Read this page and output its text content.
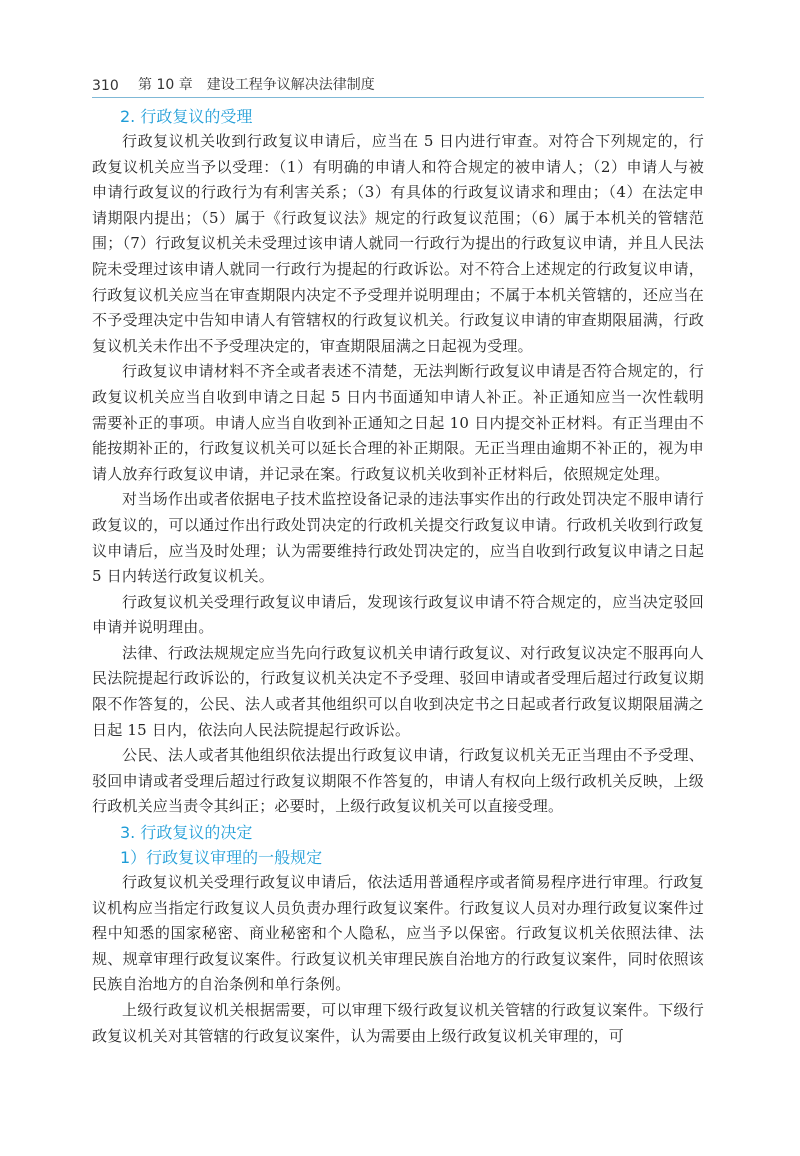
310	第 10 章 建设工程争议解决法律制度
2. 行政复议的受理

行政复议机关收到行政复议申请后，应当在 5 日内进行审查。对符合下列规定的，行政复议机关应当予以受理：（1）有明确的申请人和符合规定的被申请人；（2）申请人与被申请行政复议的行政行为有利害关系；（3）有具体的行政复议请求和理由；（4）在法定申请期限内提出；（5）属于《行政复议法》规定的行政复议范围；（6）属于本机关的管辖范围；（7）行政复议机关未受理过该申请人就同一行政行为提出的行政复议申请，并且人民法院未受理过该申请人就同一行政行为提起的行政诉讼。对不符合上述规定的行政复议申请，行政复议机关应当在审查期限内决定不予受理并说明理由；不属于本机关管辖的，还应当在不予受理决定中告知申请人有管辖权的行政复议机关。行政复议申请的审查期限届满，行政复议机关未作出不予受理决定的，审查期限届满之日起视为受理。

行政复议申请材料不齐全或者表述不清楚，无法判断行政复议申请是否符合规定的，行政复议机关应当自收到申请之日起 5 日内书面通知申请人补正。补正通知应当一次性载明需要补正的事项。申请人应当自收到补正通知之日起 10 日内提交补正材料。有正当理由不能按期补正的，行政复议机关可以延长合理的补正期限。无正当理由逾期不补正的，视为申请人放弃行政复议申请，并记录在案。行政复议机关收到补正材料后，依照规定处理。

对当场作出或者依据电子技术监控设备记录的违法事实作出的行政处罚决定不服申请行政复议的，可以通过作出行政处罚决定的行政机关提交行政复议申请。行政机关收到行政复议申请后，应当及时处理；认为需要维持行政处罚决定的，应当自收到行政复议申请之日起 5 日内转送行政复议机关。

行政复议机关受理行政复议申请后，发现该行政复议申请不符合规定的，应当决定驳回申请并说明理由。

法律、行政法规规定应当先向行政复议机关申请行政复议、对行政复议决定不服再向人民法院提起行政诉讼的，行政复议机关决定不予受理、驳回申请或者受理后超过行政复议期限不作答复的，公民、法人或者其他组织可以自收到决定书之日起或者行政复议期限届满之日起 15 日内，依法向人民法院提起行政诉讼。

公民、法人或者其他组织依法提出行政复议申请，行政复议机关无正当理由不予受理、驳回申请或者受理后超过行政复议期限不作答复的，申请人有权向上级行政机关反映，上级行政机关应当责令其纠正；必要时，上级行政复议机关可以直接受理。

3. 行政复议的决定
1）行政复议审理的一般规定

行政复议机关受理行政复议申请后，依法适用普通程序或者简易程序进行审理。行政复议机构应当指定行政复议人员负责办理行政复议案件。行政复议人员对办理行政复议案件过程中知悉的国家秘密、商业秘密和个人隐私，应当予以保密。行政复议机关依照法律、法规、规章审理行政复议案件。行政复议机关审理民族自治地方的行政复议案件，同时依照该民族自治地方的自治条例和单行条例。

上级行政复议机关根据需要，可以审理下级行政复议机关管辖的行政复议案件。下级行政复议机关对其管辖的行政复议案件，认为需要由上级行政复议机关审理的，可
